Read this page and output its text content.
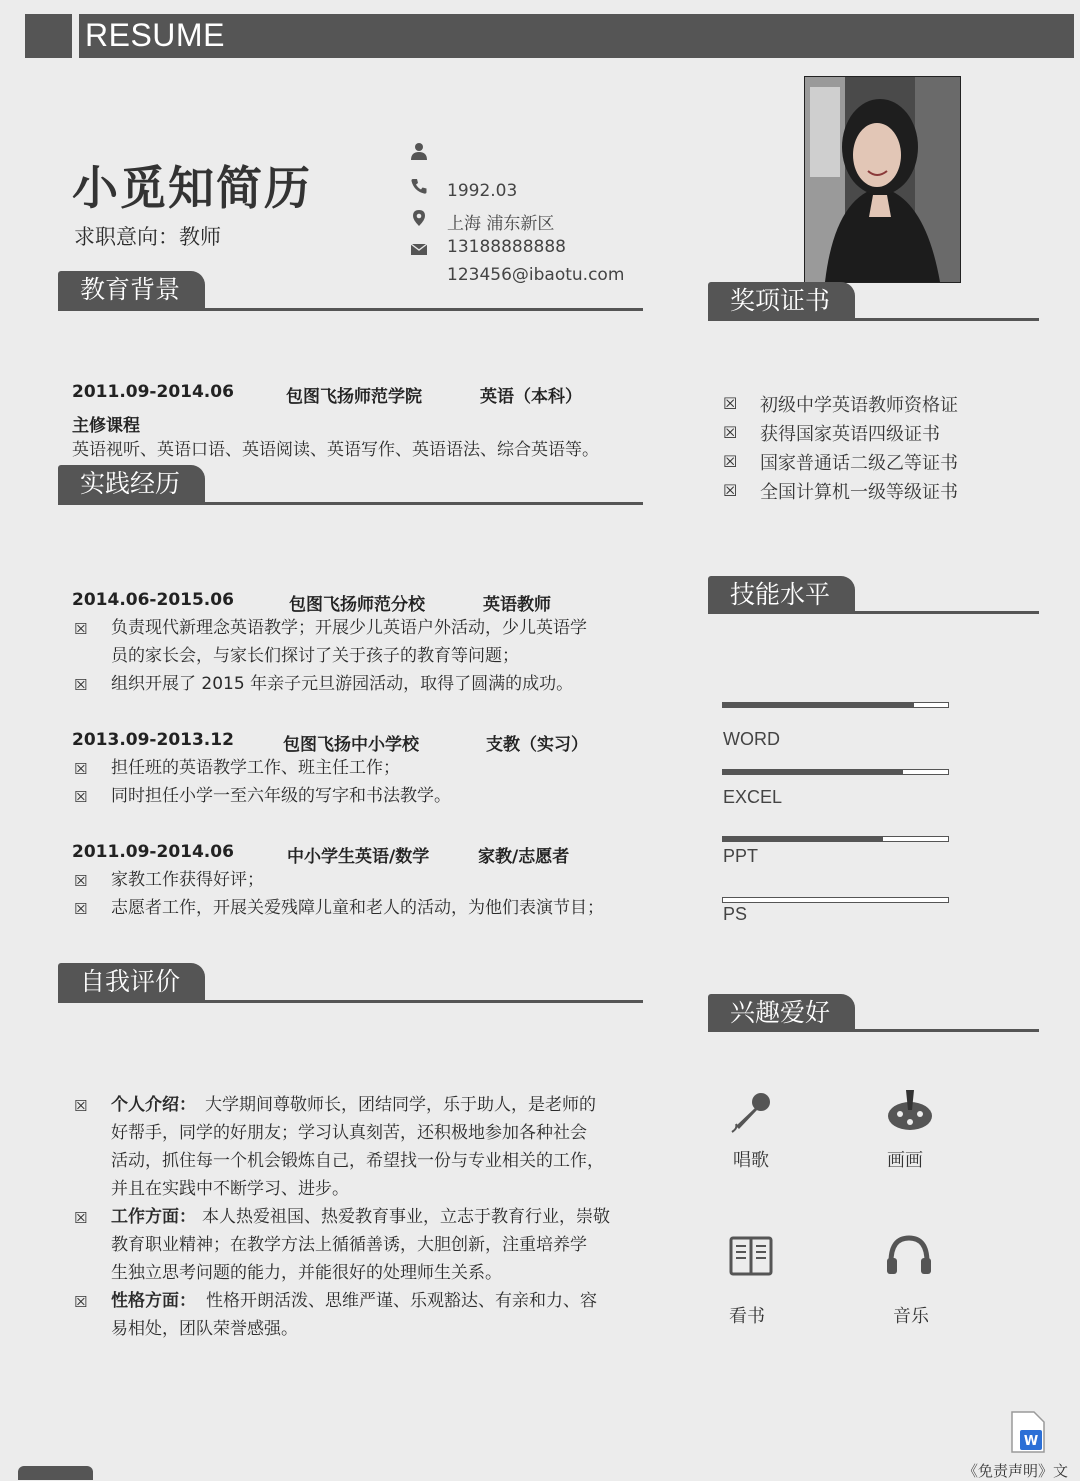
RESUME
小觅知简历
求职意向：教师
1992.03
上海 浦东新区
13188888888
123456@ibaotu.com
教育背景
2011.09-2014.06	包图飞扬师范学院	英语（本科）
主修课程
英语视听、英语口语、英语阅读、英语写作、英语语法、综合英语等。
实践经历
2014.06-2015.06	包图飞扬师范分校	英语教师
☒ 负责现代新理念英语教学；开展少儿英语户外活动，少儿英语学
员的家长会，与家长们探讨了关于孩子的教育等问题；
☒ 组织开展了 2015 年亲子元旦游园活动，取得了圆满的成功。
2013.09-2013.12	包图飞扬中小学校	支教（实习）
☒ 担任班的英语教学工作、班主任工作；
☒ 同时担任小学一至六年级的写字和书法教学。
2011.09-2014.06	中小学生英语/数学	家教/志愿者
☒ 家教工作获得好评；
☒ 志愿者工作，开展关爱残障儿童和老人的活动，为他们表演节目；
自我评价
☒ 个人介绍： 大学期间尊敬师长，团结同学，乐于助人，是老师的
好帮手，同学的好朋友；学习认真刻苦，还积极地参加各种社会
活动，抓住每一个机会锻炼自己，希望找一份与专业相关的工作，
并且在实践中不断学习、进步。
☒ 工作方面： 本人热爱祖国、热爱教育事业，立志于教育行业，崇敬
教育职业精神；在教学方法上循循善诱，大胆创新，注重培养学
生独立思考问题的能力，并能很好的处理师生关系。
☒ 性格方面： 性格开朗活泼、思维严谨、乐观豁达、有亲和力、容
易相处，团队荣誉感强。
奖项证书
☒ 初级中学英语教师资格证
☒ 获得国家英语四级证书
☒ 国家普通话二级乙等证书
☒ 全国计算机一级等级证书
技能水平
WORD
EXCEL
PPT
PS
兴趣爱好
唱歌	画画
看书	音乐
W
《免责声明》文
